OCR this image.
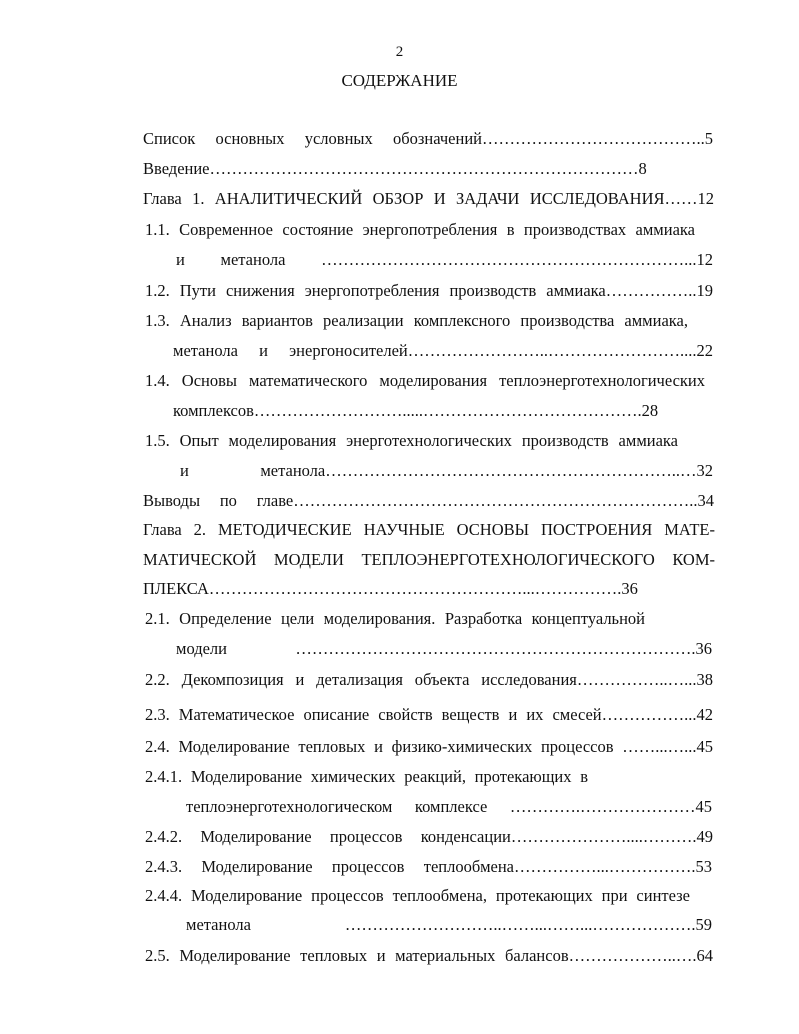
2
СОДЕРЖАНИЕ
Список основных условных обозначений…………………………………..5
Введение……………………………………………………………………8
Глава 1. АНАЛИТИЧЕСКИЙ ОБЗОР И ЗАДАЧИ ИССЛЕДОВАНИЯ……12
1.1. Современное состояние энергопотребления в производствах аммиака
и метанола …………………………………………………………...12
1.2. Пути снижения энергопотребления производств аммиака……………..19
1.3. Анализ вариантов реализации комплексного производства аммиака,
метанола и энергоносителей……………………..……………………....22
1.4. Основы математического моделирования теплоэнерготехнологических
комплексов……………………….....………………………………….28
1.5. Опыт моделирования энерготехнологических производств аммиака
и метанола………………………………………………………..…32
Выводы по главе………………………………………………………………..34
Глава 2. МЕТОДИЧЕСКИЕ НАУЧНЫЕ ОСНОВЫ ПОСТРОЕНИЯ МАТЕ-
МАТИЧЕСКОЙ МОДЕЛИ ТЕПЛОЭНЕРГОТЕХНОЛОГИЧЕСКОГО КОМ-
ПЛЕКСА…………………………………………………...…………….36
2.1. Определение цели моделирования. Разработка концептуальной
модели ……………………………………………………………….36
2.2. Декомпозиция и детализация объекта исследования……………..…...38
2.3. Математическое описание свойств веществ и их смесей……………...42
2.4. Моделирование тепловых и физико-химических процессов ……...…...45
2.4.1. Моделирование химических реакций, протекающих в
теплоэнерготехнологическом комплексе ………….…………………45
2.4.2. Моделирование процессов конденсации…………………....……….49
2.4.3. Моделирование процессов теплообмена……………...…………….53
2.4.4. Моделирование процессов теплообмена, протекающих при синтезе
метанола ………………………..……...……...……………….59
2.5. Моделирование тепловых и материальных балансов………………..….64
